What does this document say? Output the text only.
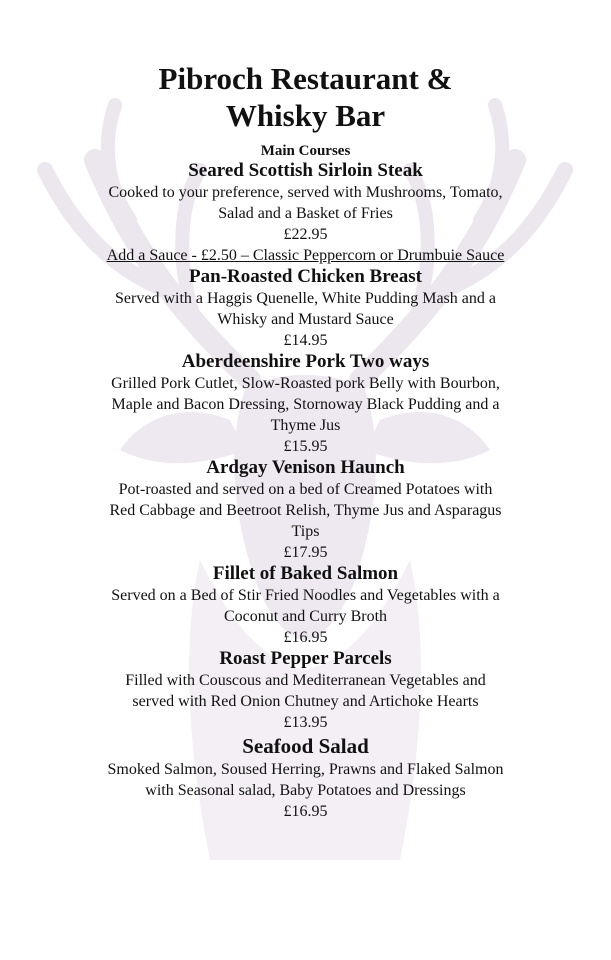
Pibroch Restaurant &
Whisky Bar
Main Courses
Seared Scottish Sirloin Steak
Cooked to your preference, served with Mushrooms, Tomato,
Salad and a Basket of Fries
£22.95
Add a Sauce - £2.50 – Classic Peppercorn or Drumbuie Sauce
Pan-Roasted Chicken Breast
Served with a Haggis Quenelle, White Pudding Mash and a
Whisky and Mustard Sauce
£14.95
Aberdeenshire Pork Two ways
Grilled Pork Cutlet, Slow-Roasted pork Belly with Bourbon,
Maple and Bacon Dressing, Stornoway Black Pudding and a
Thyme Jus
£15.95
Ardgay Venison Haunch
Pot-roasted and served on a bed of Creamed Potatoes with
Red Cabbage and Beetroot Relish, Thyme Jus and Asparagus
Tips
£17.95
Fillet of Baked Salmon
Served on a Bed of Stir Fried Noodles and Vegetables with a
Coconut and Curry Broth
£16.95
Roast Pepper Parcels
Filled with Couscous and Mediterranean Vegetables and
served with Red Onion Chutney and Artichoke Hearts
£13.95
Seafood Salad
Smoked Salmon, Soused Herring, Prawns and Flaked Salmon
with Seasonal salad, Baby Potatoes and Dressings
£16.95
